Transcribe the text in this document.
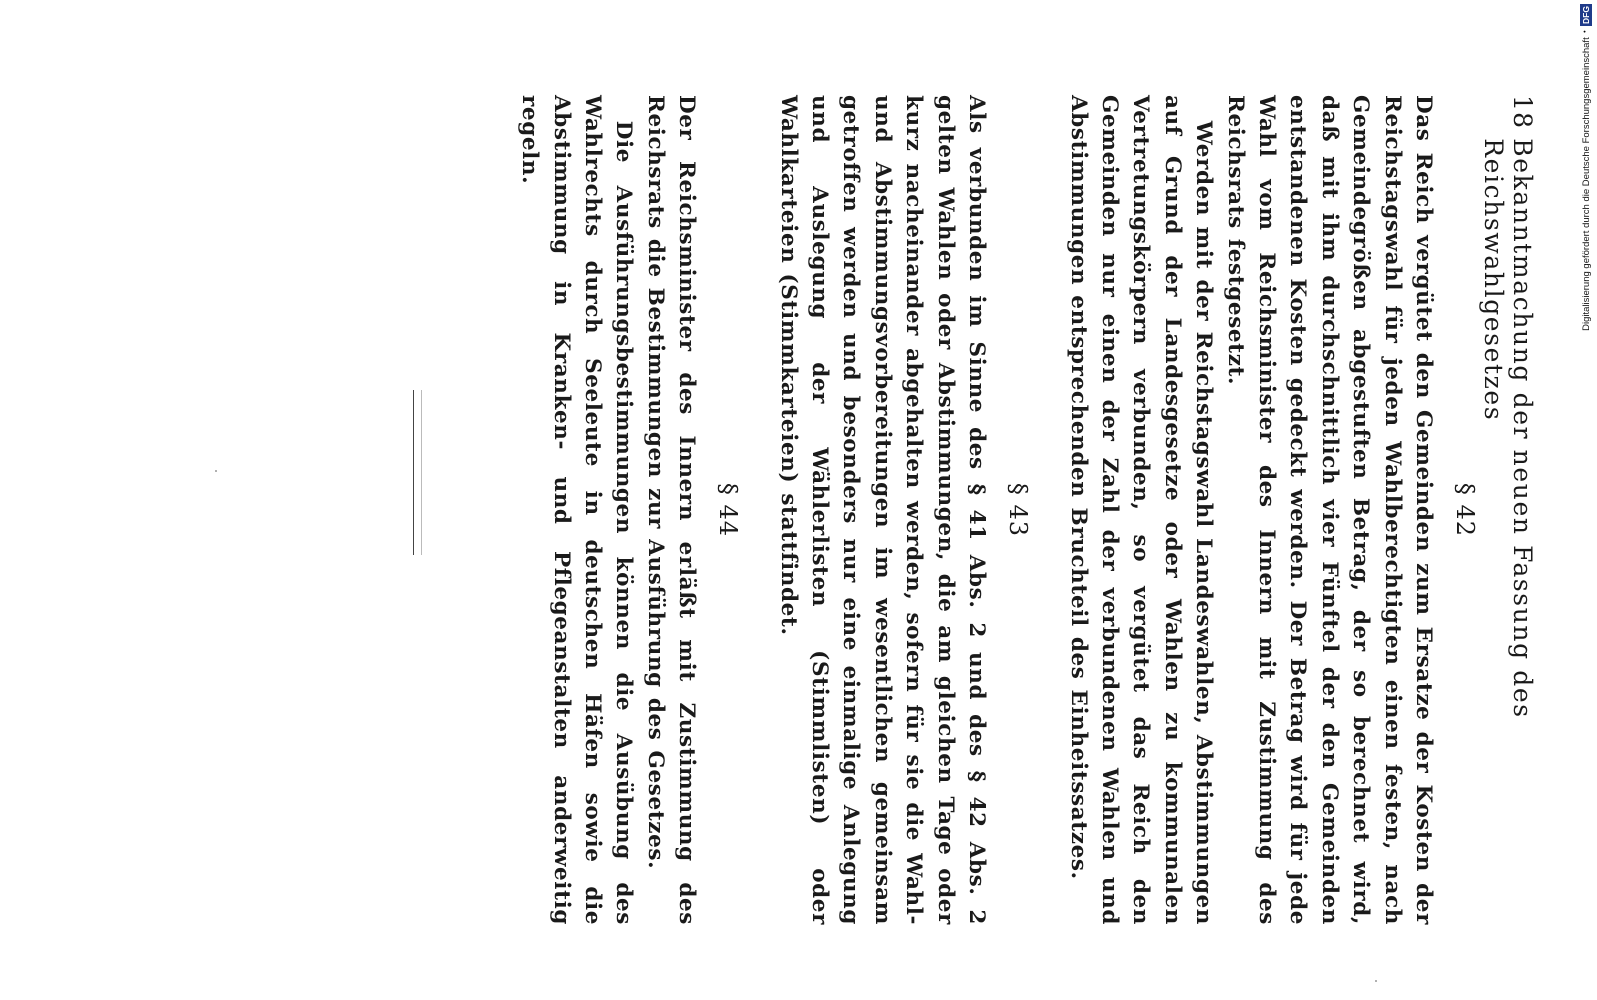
18
Bekanntmachung der neuen Fassung des Reichswahlgesetzes
§ 42

Das Reich vergütet den Gemeinden zum Ersatze der Kosten der Reichstagswahl für jeden Wahlberechtigten einen festen, nach Gemeindegrößen abgestuften Betrag, der so berechnet wird, daß mit ihm durchschnittlich vier Fünftel der den Gemeinden entstandenen Kosten gedeckt werden. Der Betrag wird für jede Wahl vom Reichsminister des Innern mit Zustimmung des Reichsrats festgesetzt.

Werden mit der Reichstagswahl Landeswahlen, Abstimmungen auf Grund der Landesgesetze oder Wahlen zu kommunalen Vertretungskörpern verbunden, so vergütet das Reich den Gemeinden nur einen der Zahl der verbundenen Wahlen und Abstimmungen entsprechenden Bruchteil des Einheitssatzes.

§ 43

Als verbunden im Sinne des § 41 Abs. 2 und des § 42 Abs. 2 gelten Wahlen oder Abstimmungen, die am gleichen Tage oder kurz nacheinander abgehalten werden, sofern für sie die Wahl- und Abstimmungsvorbereitungen im wesentlichen gemeinsam getroffen werden und besonders nur eine einmalige Anlegung und Auslegung der Wählerlisten (Stimmlisten) oder Wahlkarteien (Stimmkarteien) stattfindet.

§ 44

Der Reichsminister des Innern erläßt mit Zustimmung des Reichsrats die Bestimmungen zur Ausführung des Gesetzes.

Die Ausführungsbestimmungen können die Ausübung des Wahlrechts durch Seeleute in deutschen Häfen sowie die Abstimmung in Kranken- und Pflegeanstalten anderweitig regeln.	Digitalisierung gefördert durch die Deutsche Forschungsgemeinschaft
·
DFG
